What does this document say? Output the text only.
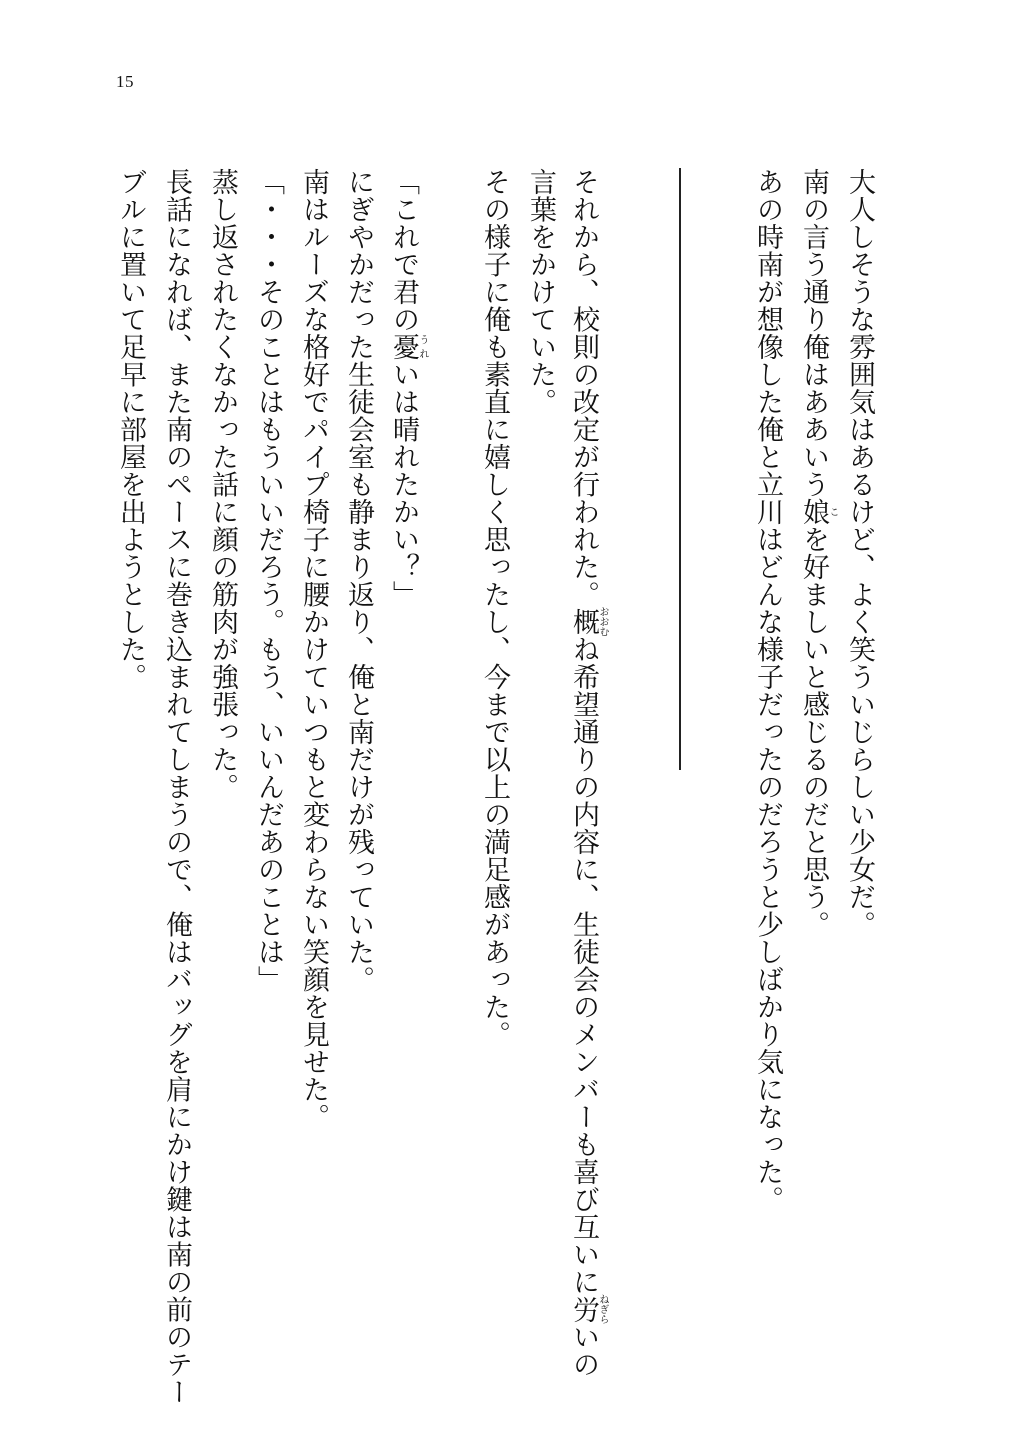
15
大人しそうな雰囲気はあるけど、よく笑ういじらしい少女だ。
南の言う通り俺はああいう娘こを好ましいと感じるのだと思う。
あの時南が想像した俺と立川はどんな様子だったのだろうと少しばかり気になった。
それから、校則の改定が行われた。概おおむね希望通りの内容に、生徒会のメンバーも喜び互いに労ねぎらいの
言葉をかけていた。
その様子に俺も素直に嬉しく思ったし、今まで以上の満足感があった。
「これで君の憂うれいは晴れたかい？」
にぎやかだった生徒会室も静まり返り、俺と南だけが残っていた。
南はルーズな格好でパイプ椅子に腰かけていつもと変わらない笑顔を見せた。
「・・・そのことはもういいだろう。もう、いいんだあのことは」
蒸し返されたくなかった話に顔の筋肉が強張った。
長話になれば、また南のペースに巻き込まれてしまうので、俺はバッグを肩にかけ鍵は南の前のテー
ブルに置いて足早に部屋を出ようとした。
